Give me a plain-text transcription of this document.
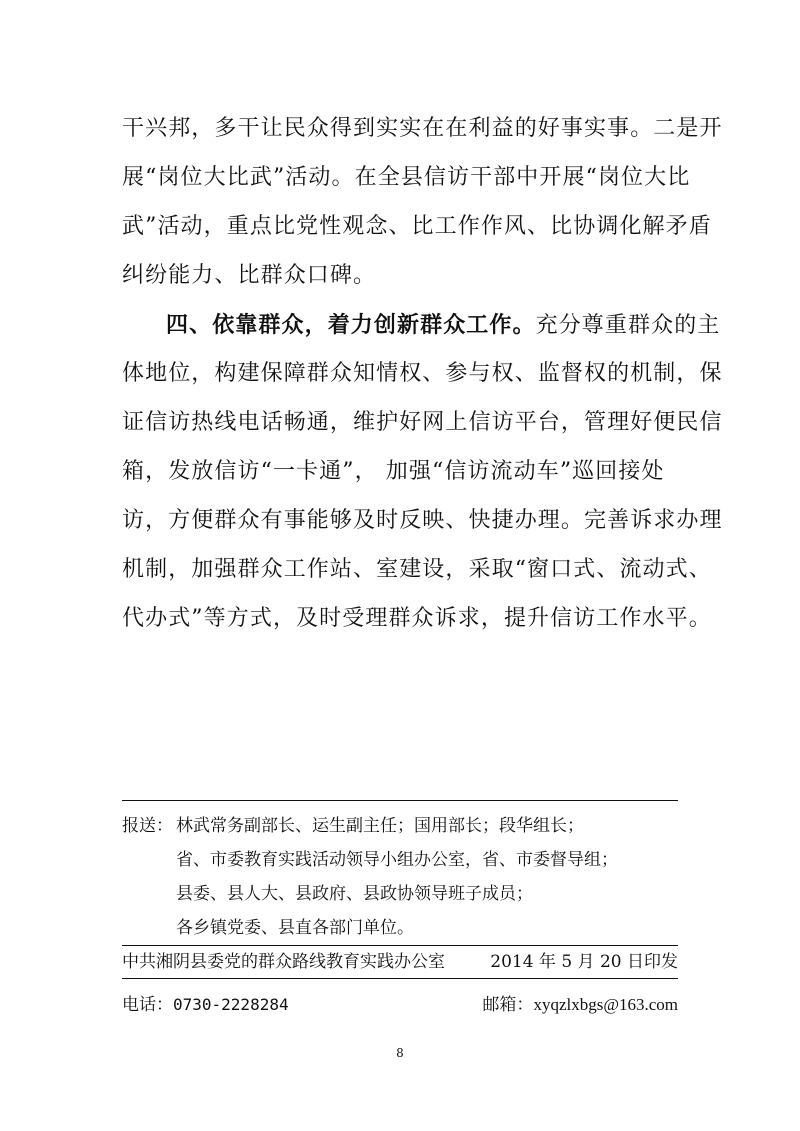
干兴邦，多干让民众得到实实在在利益的好事实事。二是开
展“岗位大比武”活动。在全县信访干部中开展“岗位大比
武”活动，重点比党性观念、比工作作风、比协调化解矛盾
纠纷能力、比群众口碑。
四、依靠群众，着力创新群众工作。充分尊重群众的主
体地位，构建保障群众知情权、参与权、监督权的机制，保
证信访热线电话畅通，维护好网上信访平台，管理好便民信
箱，发放信访“一卡通”， 加强“信访流动车”巡回接处
访，方便群众有事能够及时反映、快捷办理。完善诉求办理
机制，加强群众工作站、室建设，采取“窗口式、流动式、
代办式”等方式，及时受理群众诉求，提升信访工作水平。
报送： 林武常务副部长、运生副主任；国用部长；段华组长；
省、市委教育实践活动领导小组办公室，省、市委督导组；
县委、县人大、县政府、县政协领导班子成员；
各乡镇党委、县直各部门单位。
中共湘阴县委党的群众路线教育实践办公室	2014 年 5 月 20 日印发
电话：0730-2228284	邮箱：xyqzlxbgs@163.com
8
